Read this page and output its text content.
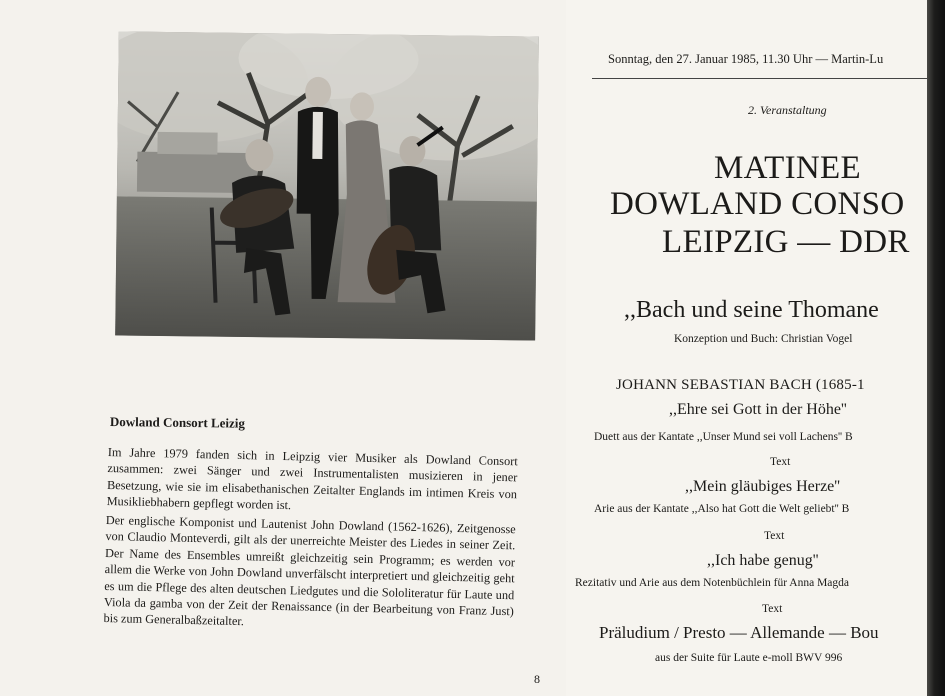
Dowland Consort Leizig
Im Jahre 1979 fanden sich in Leipzig vier Musiker als Dowland Consort zusammen: zwei Sänger und zwei Instrumentalisten musizieren in jener Besetzung, wie sie im elisabethanischen Zeitalter Englands im intimen Kreis von Musikliebhabern gepflegt worden ist.
Der englische Komponist und Lautenist John Dowland (1562-1626), Zeitgenosse von Claudio Monteverdi, gilt als der unerreichte Meister des Liedes in seiner Zeit. Der Name des Ensembles umreißt gleichzeitig sein Programm; es werden vor allem die Werke von John Dowland unverfälscht interpretiert und gleichzeitig geht es um die Pflege des alten deutschen Liedgutes und die Sololiteratur für Laute und Viola da gamba von der Zeit der Renaissance (in der Bearbeitung von Franz Just) bis zum Generalbaßzeitalter.
8
Sonntag, den 27. Januar 1985, 11.30 Uhr — Martin-Lu
2. Veranstaltung
MATINEE
DOWLAND CONSO
LEIPZIG — DDR
,,Bach und seine Thomane
Konzeption und Buch: Christian Vogel
JOHANN SEBASTIAN BACH (1685-1
,,Ehre sei Gott in der Höhe''
Duett aus der Kantate ,,Unser Mund sei voll Lachens'' B
Text
,,Mein gläubiges Herze''
Arie aus der Kantate ,,Also hat Gott die Welt geliebt'' B
Text
,,Ich habe genug''
Rezitativ und Arie aus dem Notenbüchlein für Anna Magda
Text
Präludium / Presto — Allemande — Bou
aus der Suite für Laute e-moll BWV 996
